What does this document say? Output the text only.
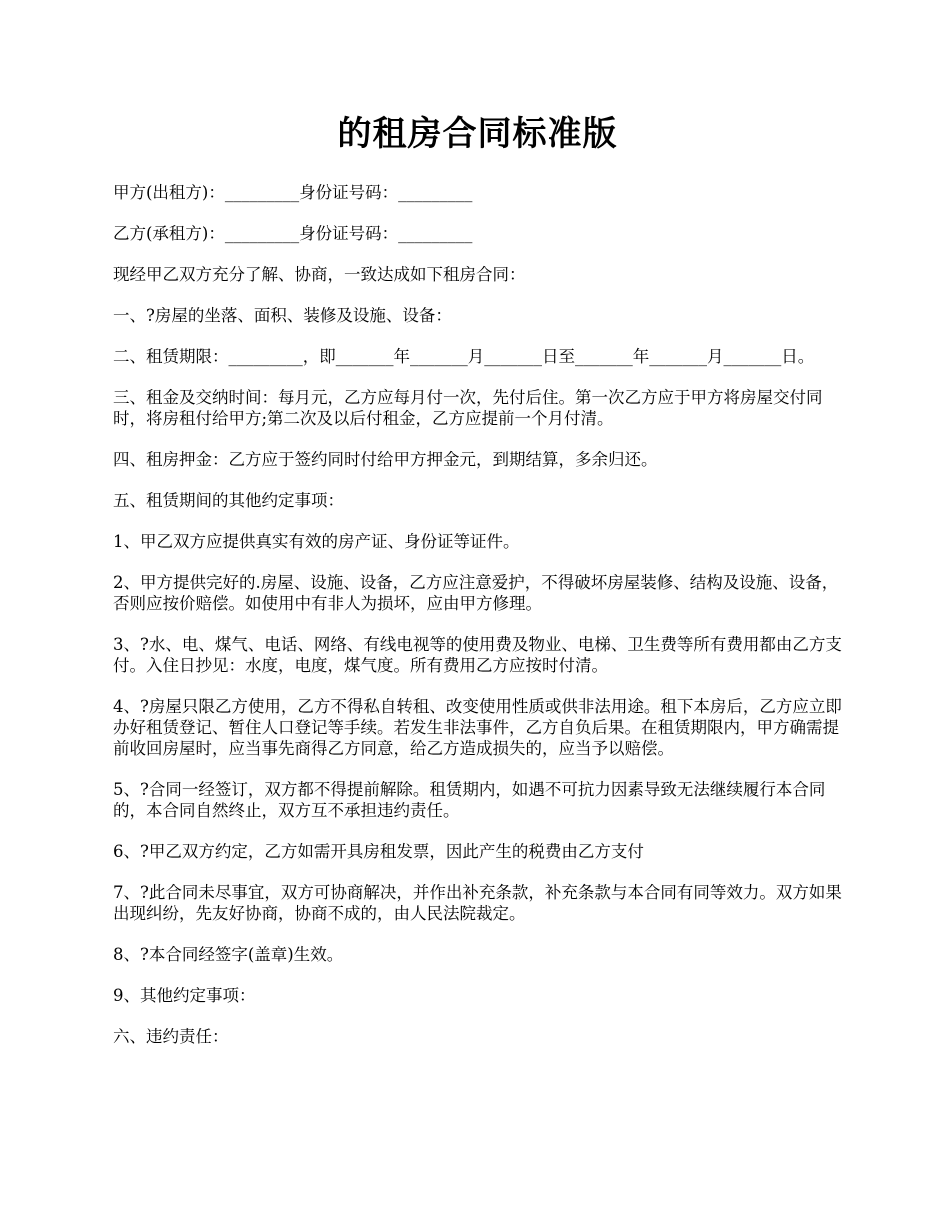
的租房合同标准版

甲方(出租方)：_________身份证号码：_________

乙方(承租方)：_________身份证号码：_________

现经甲乙双方充分了解、协商，一致达成如下租房合同：

一、?房屋的坐落、面积、装修及设施、设备：

二、租赁期限：_________，即_______年_______月_______日至_______年_______月_______日。

三、租金及交纳时间：每月元，乙方应每月付一次，先付后住。第一次乙方应于甲方将房屋交付同时，将房租付给甲方;第二次及以后付租金，乙方应提前一个月付清。

四、租房押金：乙方应于签约同时付给甲方押金元，到期结算，多余归还。

五、租赁期间的其他约定事项：

1、甲乙双方应提供真实有效的房产证、身份证等证件。

2、甲方提供完好的.房屋、设施、设备，乙方应注意爱护，不得破坏房屋装修、结构及设施、设备，否则应按价赔偿。如使用中有非人为损坏，应由甲方修理。

3、?水、电、煤气、电话、网络、有线电视等的使用费及物业、电梯、卫生费等所有费用都由乙方支付。入住日抄见：水度，电度，煤气度。所有费用乙方应按时付清。

4、?房屋只限乙方使用，乙方不得私自转租、改变使用性质或供非法用途。租下本房后，乙方应立即办好租赁登记、暂住人口登记等手续。若发生非法事件，乙方自负后果。在租赁期限内，甲方确需提前收回房屋时，应当事先商得乙方同意，给乙方造成损失的，应当予以赔偿。

5、?合同一经签订，双方都不得提前解除。租赁期内，如遇不可抗力因素导致无法继续履行本合同的，本合同自然终止，双方互不承担违约责任。

6、?甲乙双方约定，乙方如需开具房租发票，因此产生的税费由乙方支付

7、?此合同未尽事宜，双方可协商解决，并作出补充条款，补充条款与本合同有同等效力。双方如果出现纠纷，先友好协商，协商不成的，由人民法院裁定。

8、?本合同经签字(盖章)生效。

9、其他约定事项：

六、违约责任：
